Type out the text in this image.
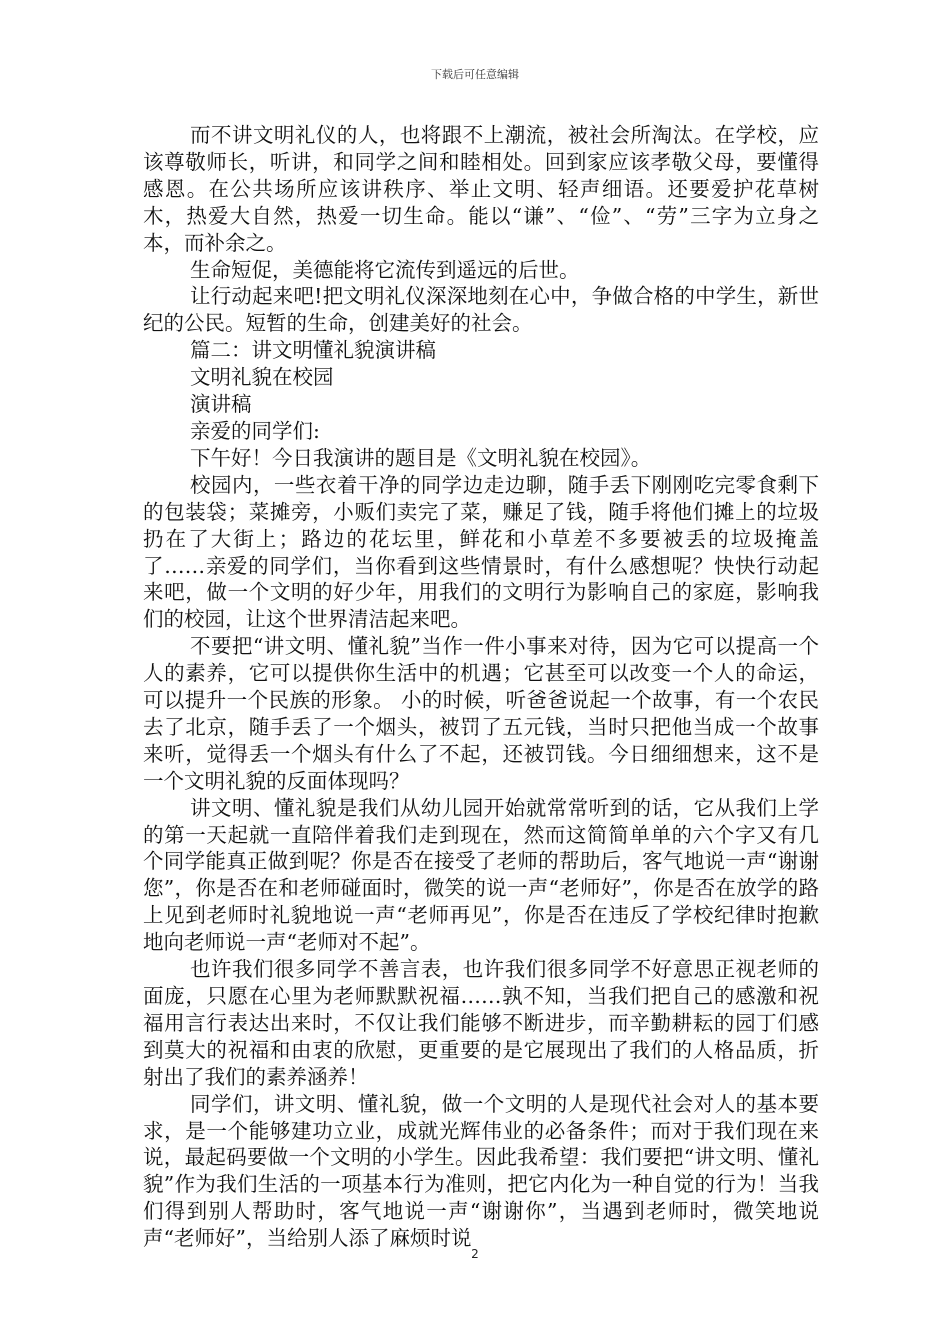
下载后可任意编辑

而不讲文明礼仪的人，也将跟不上潮流，被社会所淘汰。在学校，应该尊敬师长，听讲，和同学之间和睦相处。回到家应该孝敬父母，要懂得感恩。在公共场所应该讲秩序、举止文明、轻声细语。还要爱护花草树木，热爱大自然，热爱一切生命。能以“谦”、“俭”、“劳”三字为立身之本，而补余之。

生命短促，美德能将它流传到遥远的后世。

让行动起来吧!把文明礼仪深深地刻在心中，争做合格的中学生，新世纪的公民。短暂的生命，创建美好的社会。

篇二：讲文明懂礼貌演讲稿

文明礼貌在校园

演讲稿

亲爱的同学们:

下午好！今日我演讲的题目是《文明礼貌在校园》。

校园内，一些衣着干净的同学边走边聊，随手丢下刚刚吃完零食剩下的包装袋；菜摊旁，小贩们卖完了菜，赚足了钱，随手将他们摊上的垃圾扔在了大街上；路边的花坛里，鲜花和小草差不多要被丢的垃圾掩盖了……亲爱的同学们，当你看到这些情景时，有什么感想呢？快快行动起来吧，做一个文明的好少年，用我们的文明行为影响自己的家庭，影响我们的校园，让这个世界清洁起来吧。

不要把“讲文明、懂礼貌”当作一件小事来对待，因为它可以提高一个人的素养，它可以提供你生活中的机遇；它甚至可以改变一个人的命运，可以提升一个民族的形象。 小的时候，听爸爸说起一个故事，有一个农民去了北京，随手丢了一个烟头，被罚了五元钱，当时只把他当成一个故事来听，觉得丢一个烟头有什么了不起，还被罚钱。今日细细想来，这不是一个文明礼貌的反面体现吗？

讲文明、懂礼貌是我们从幼儿园开始就常常听到的话，它从我们上学的第一天起就一直陪伴着我们走到现在，然而这简简单单的六个字又有几个同学能真正做到呢？你是否在接受了老师的帮助后，客气地说一声“谢谢您”，你是否在和老师碰面时，微笑的说一声“老师好”，你是否在放学的路上见到老师时礼貌地说一声“老师再见”，你是否在违反了学校纪律时抱歉地向老师说一声“老师对不起”。

也许我们很多同学不善言表，也许我们很多同学不好意思正视老师的面庞，只愿在心里为老师默默祝福……孰不知，当我们把自己的感激和祝福用言行表达出来时，不仅让我们能够不断进步，而辛勤耕耘的园丁们感到莫大的祝福和由衷的欣慰，更重要的是它展现出了我们的人格品质，折射出了我们的素养涵养！

同学们，讲文明、懂礼貌，做一个文明的人是现代社会对人的基本要求，是一个能够建功立业，成就光辉伟业的必备条件；而对于我们现在来说，最起码要做一个文明的小学生。因此我希望：我们要把“讲文明、懂礼貌”作为我们生活的一项基本行为准则，把它内化为一种自觉的行为！当我们得到别人帮助时，客气地说一声“谢谢你”，当遇到老师时，微笑地说声“老师好”，当给别人添了麻烦时说

2
